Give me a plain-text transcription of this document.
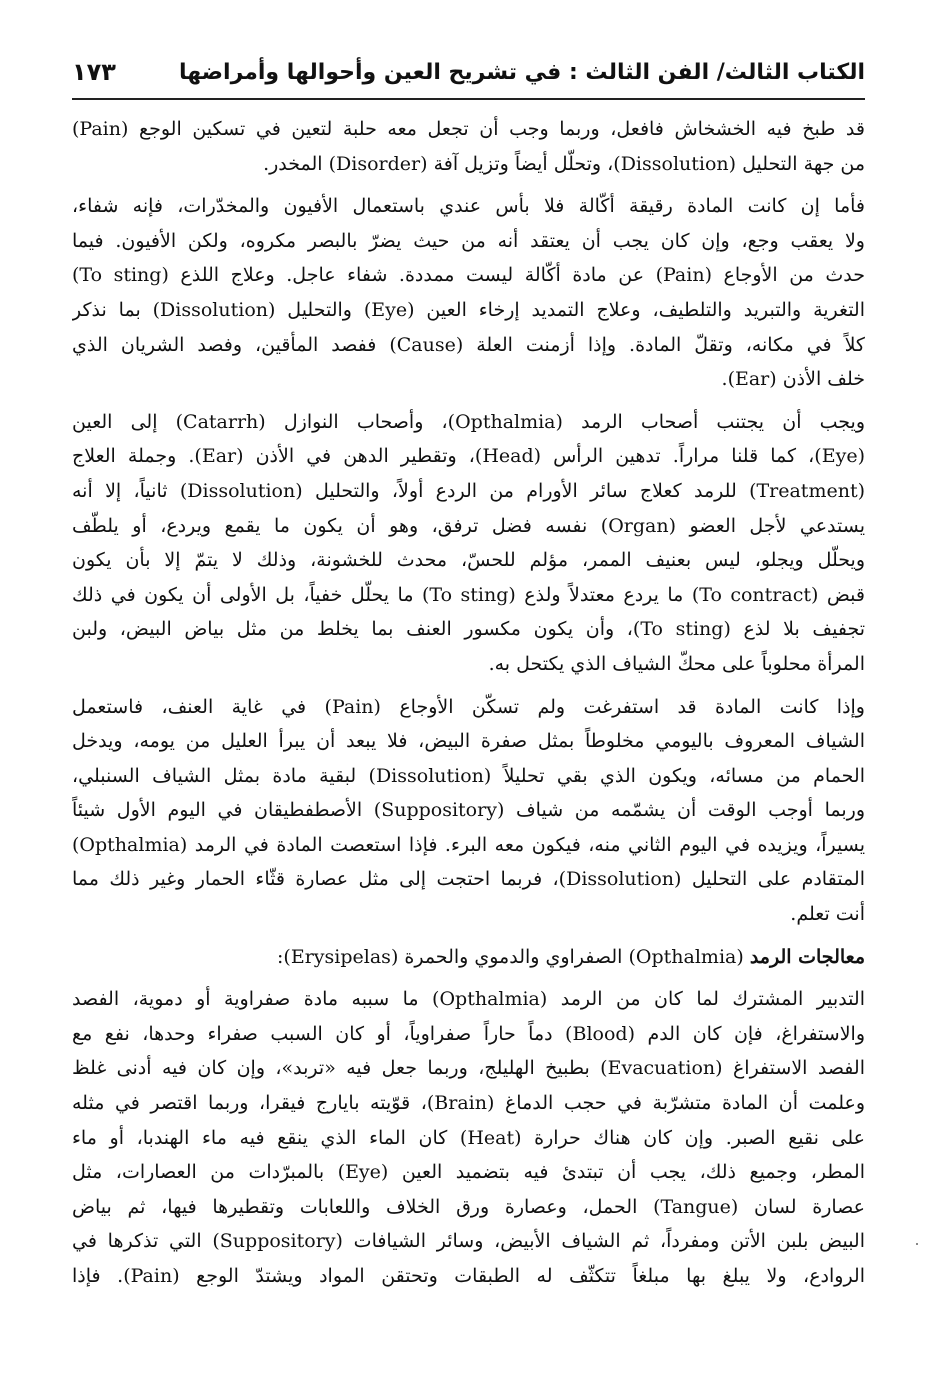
الكتاب الثالث/ الفن الثالث : في تشريح العين وأحوالها وأمراضها
١٧٣
قد طبخ فيه الخشخاش فافعل، وربما وجب أن تجعل معه حلبة لتعين في تسكين الوجع (Pain)
من جهة التحليل (Dissolution)، وتحلّل أيضاً وتزيل آفة (Disorder) المخدر.
فأما إن كانت المادة رقيقة أكّالة فلا بأس عندي باستعمال الأفيون والمخدّرات، فإنه شفاء،
ولا يعقب وجع، وإن كان يجب أن يعتقد أنه من حيث يضرّ بالبصر مكروه، ولكن الأفيون. فيما
حدث من الأوجاع (Pain) عن مادة أكّالة ليست ممددة. شفاء عاجل. وعلاج اللذع (To sting)
التغرية والتبريد والتلطيف، وعلاج التمديد إرخاء العين (Eye) والتحليل (Dissolution) بما نذكر
كلاً في مكانه، وتقلّ المادة. وإذا أزمنت العلة (Cause) ففصد المأقين، وفصد الشريان الذي
خلف الأذن (Ear).
ويجب أن يجتنب أصحاب الرمد (Opthalmia)، وأصحاب النوازل (Catarrh) إلى العين
(Eye)، كما قلنا مراراً. تدهين الرأس (Head)، وتقطير الدهن في الأذن (Ear). وجملة العلاج
(Treatment) للرمد كعلاج سائر الأورام من الردع أولاً، والتحليل (Dissolution) ثانياً، إلا أنه
يستدعي لأجل العضو (Organ) نفسه فضل ترفق، وهو أن يكون ما يقمع ويردع، أو يلطّف
ويحلّل ويجلو، ليس بعنيف الممر، مؤلم للحسّ، محدث للخشونة، وذلك لا يتمّ إلا بأن يكون
قبض (To contract) ما يردع معتدلاً ولذع (To sting) ما يحلّل خفياً، بل الأولى أن يكون في ذلك
تجفيف بلا لذع (To sting)، وأن يكون مكسور العنف بما يخلط من مثل بياض البيض، ولبن
المرأة محلوباً على محكّ الشياف الذي يكتحل به.
وإذا كانت المادة قد استفرغت ولم تسكّن الأوجاع (Pain) في غاية العنف، فاستعمل
الشياف المعروف باليومي مخلوطاً بمثل صفرة البيض، فلا يبعد أن يبرأ العليل من يومه، ويدخل
الحمام من مسائه، ويكون الذي بقي تحليلاً (Dissolution) لبقية مادة بمثل الشياف السنبلي،
وربما أوجب الوقت أن يشمّمه من شياف (Suppository) الأصطفطيقان في اليوم الأول شيئاً
يسيراً، ويزيده في اليوم الثاني منه، فيكون معه البرء. فإذا استعصت المادة في الرمد (Opthalmia)
المتقادم على التحليل (Dissolution)، فربما احتجت إلى مثل عصارة قثّاء الحمار وغير ذلك مما
أنت تعلم.
معالجات الرمد (Opthalmia) الصفراوي والدموي والحمرة (Erysipelas):
التدبير المشترك لما كان من الرمد (Opthalmia) ما سببه مادة صفراوية أو دموية، الفصد
والاستفراغ، فإن كان الدم (Blood) دماً حاراً صفراوياً، أو كان السبب صفراء وحدها، نفع مع
الفصد الاستفراغ (Evacuation) بطبيخ الهليلج، وربما جعل فيه «تربد»، وإن كان فيه أدنى غلظ
وعلمت أن المادة متشرّبة في حجب الدماغ (Brain)، قوّيته بايارج فيقرا، وربما اقتصر في مثله
على نقيع الصبر. وإن كان هناك حرارة (Heat) كان الماء الذي ينقع فيه ماء الهندبا، أو ماء
المطر، وجميع ذلك، يجب أن تبتدئ فيه بتضميد العين (Eye) بالمبرّدات من العصارات، مثل
عصارة لسان (Tangue) الحمل، وعصارة ورق الخلاف واللعابات وتقطيرها فيها، ثم بياض
البيض بلبن الأتن ومفرداً، ثم الشياف الأبيض، وسائر الشيافات (Suppository) التي تذكرها في
الروادع، ولا يبلغ بها مبلغاً تتكثّف له الطبقات وتحتقن المواد ويشتدّ الوجع (Pain). فإذا
